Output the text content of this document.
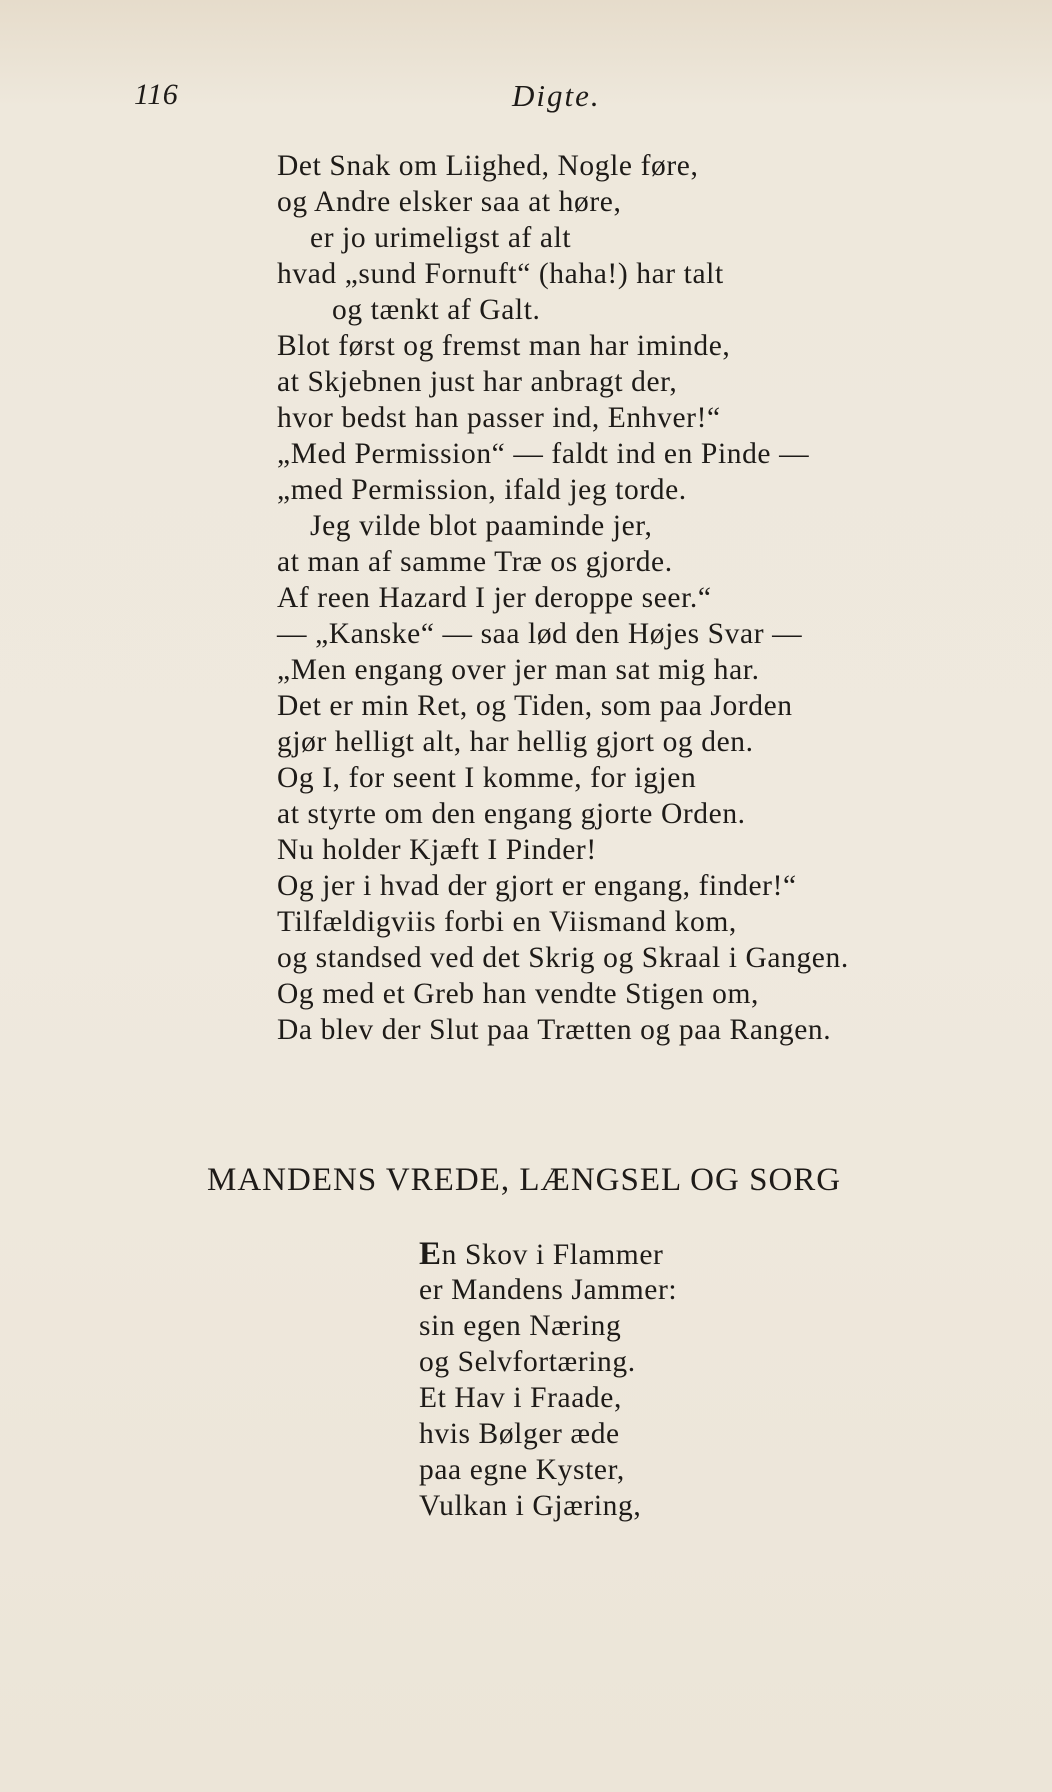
116	Digte.
Det Snak om Liighed, Nogle føre,
og Andre elsker saa at høre,
er jo urimeligst af alt
hvad „sund Fornuft“ (haha!) har talt
og tænkt af Galt.
Blot først og fremst man har iminde,
at Skjebnen just har anbragt der,
hvor bedst han passer ind, Enhver!“
„Med Permission“ — faldt ind en Pinde —
„med Permission, ifald jeg torde.
Jeg vilde blot paaminde jer,
at man af samme Træ os gjorde.
Af reen Hazard I jer deroppe seer.“
— „Kanske“ — saa lød den Højes Svar —
„Men engang over jer man sat mig har.
Det er min Ret, og Tiden, som paa Jorden
gjør helligt alt, har hellig gjort og den.
Og I, for seent I komme, for igjen
at styrte om den engang gjorte Orden.
Nu holder Kjæft I Pinder!
Og jer i hvad der gjort er engang, finder!“
Tilfældigviis forbi en Viismand kom,
og standsed ved det Skrig og Skraal i Gangen.
Og med et Greb han vendte Stigen om,
Da blev der Slut paa Trætten og paa Rangen.
MANDENS VREDE, LÆNGSEL OG SORG
En Skov i Flammer
er Mandens Jammer:
sin egen Næring
og Selvfortæring.
Et Hav i Fraade,
hvis Bølger æde
paa egne Kyster,
Vulkan i Gjæring,
